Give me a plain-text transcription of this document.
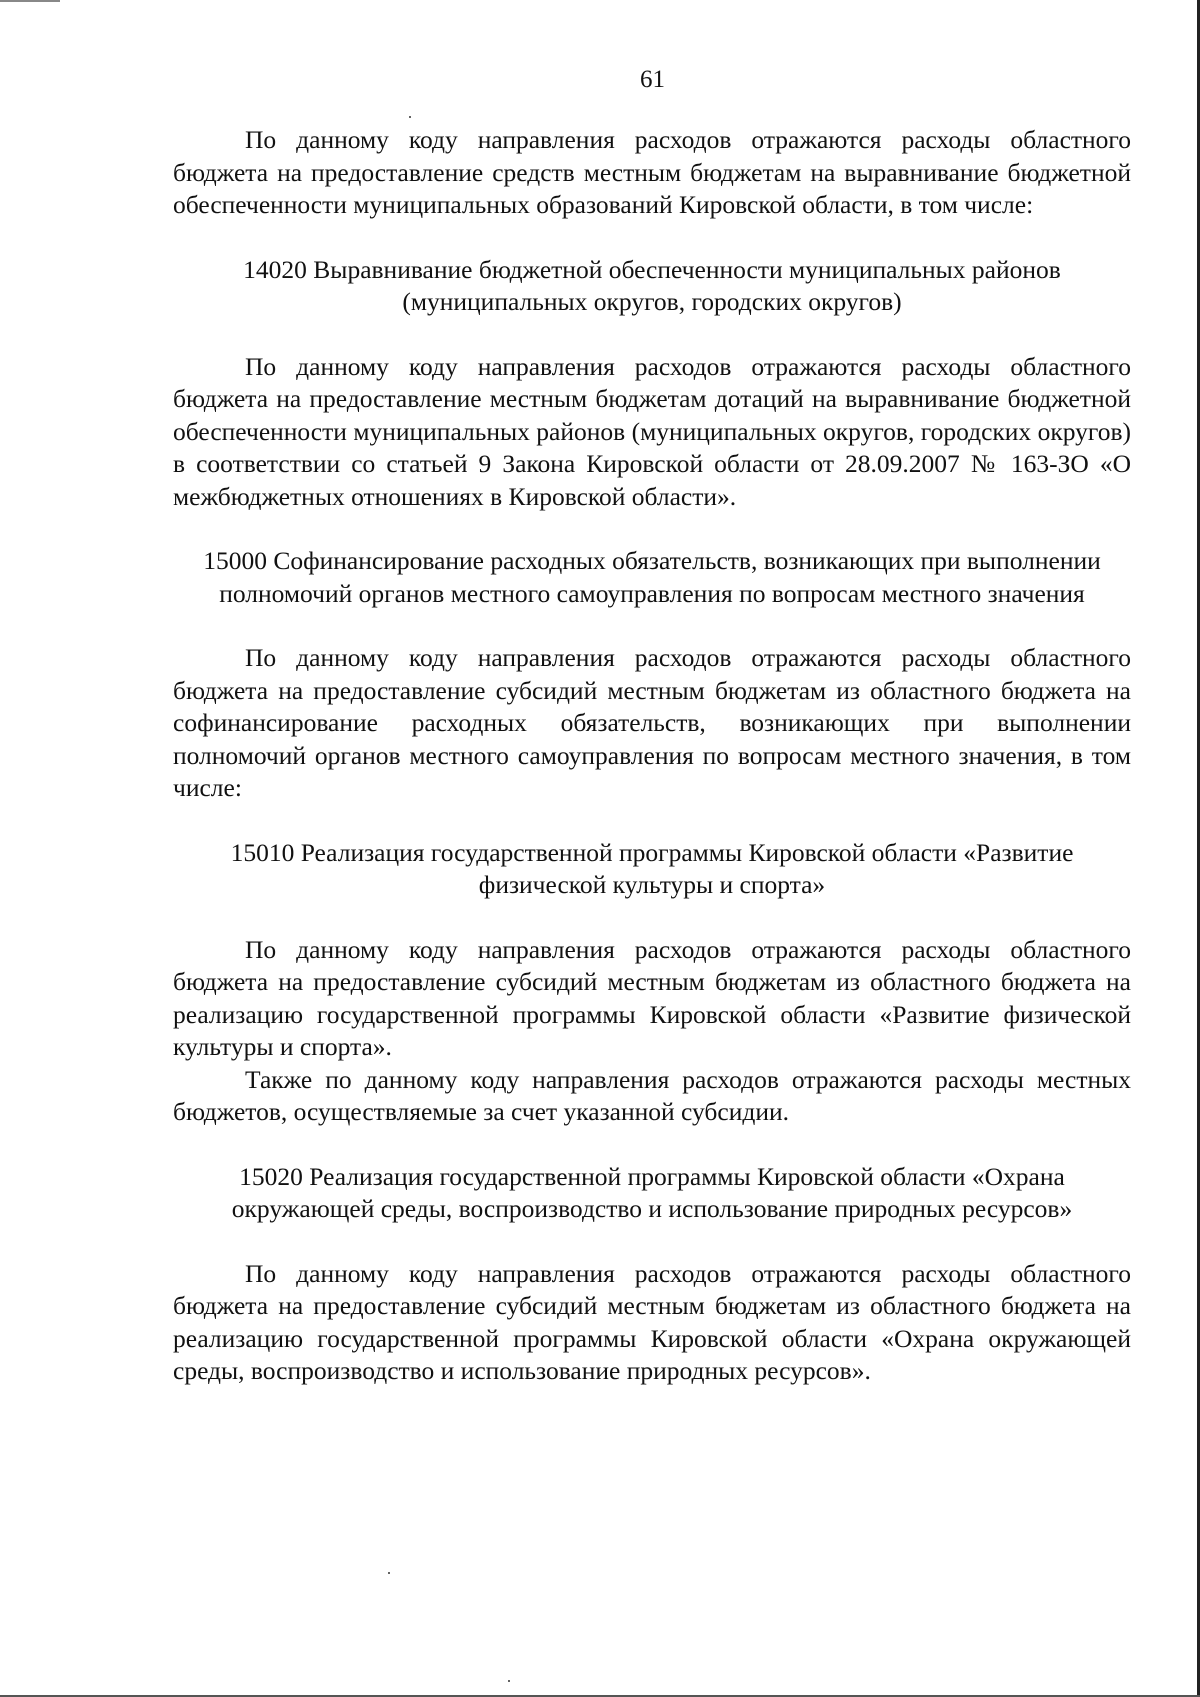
61

По данному коду направления расходов отражаются расходы областного бюджета на предоставление средств местным бюджетам на выравнивание бюджетной обеспеченности муниципальных образований Кировской области, в том числе:

14020 Выравнивание бюджетной обеспеченности муниципальных районов (муниципальных округов, городских округов)

По данному коду направления расходов отражаются расходы областного бюджета на предоставление местным бюджетам дотаций на выравнивание бюджетной обеспеченности муниципальных районов (муниципальных округов, городских округов) в соответствии со статьей 9 Закона Кировской области от 28.09.2007 № 163-ЗО «О межбюджетных отношениях в Кировской области».

15000 Софинансирование расходных обязательств, возникающих при выполнении полномочий органов местного самоуправления по вопросам местного значения

По данному коду направления расходов отражаются расходы областного бюджета на предоставление субсидий местным бюджетам из областного бюджета на софинансирование расходных обязательств, возникающих при выполнении полномочий органов местного самоуправления по вопросам местного значения, в том числе:

15010 Реализация государственной программы Кировской области «Развитие физической культуры и спорта»

По данному коду направления расходов отражаются расходы областного бюджета на предоставление субсидий местным бюджетам из областного бюджета на реализацию государственной программы Кировской области «Развитие физической культуры и спорта».

Также по данному коду направления расходов отражаются расходы местных бюджетов, осуществляемые за счет указанной субсидии.

15020 Реализация государственной программы Кировской области «Охрана окружающей среды, воспроизводство и использование природных ресурсов»

По данному коду направления расходов отражаются расходы областного бюджета на предоставление субсидий местным бюджетам из областного бюджета на реализацию государственной программы Кировской области «Охрана окружающей среды, воспроизводство и использование природных ресурсов».
